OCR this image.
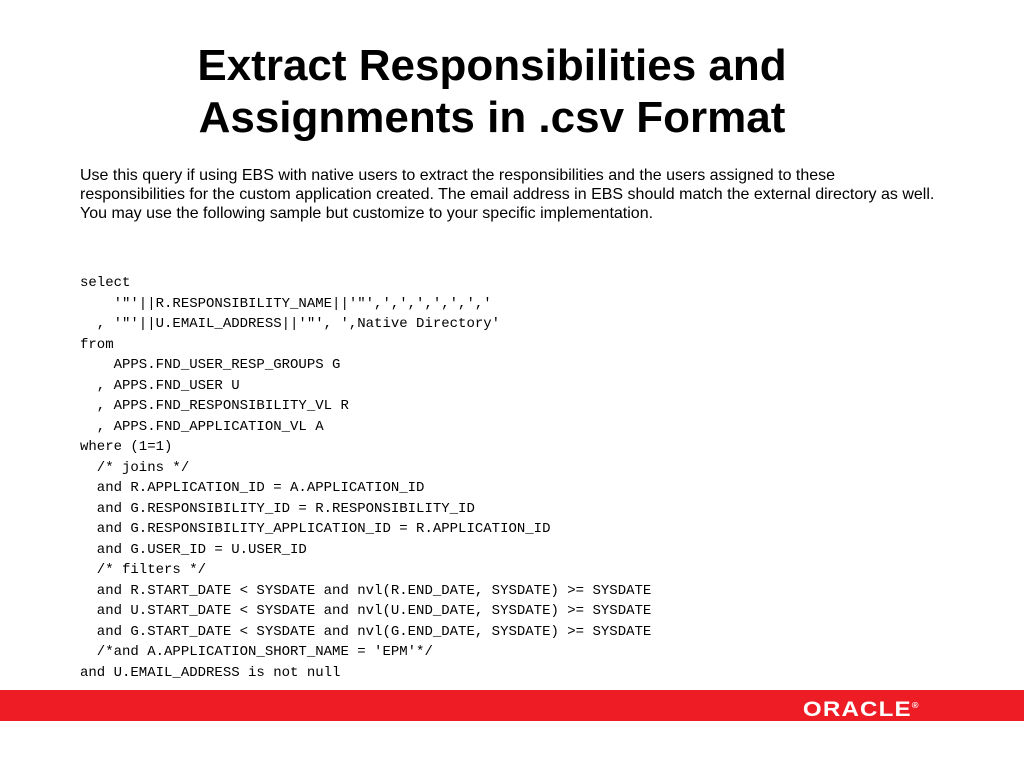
Extract Responsibilities and
Assignments in .csv Format

Use this query if using EBS with native users to extract the responsibilities and the users assigned to these responsibilities for the custom application created. The email address in EBS should match the external directory as well. You may use the following sample but customize to your specific implementation.

select
'"'||R.RESPONSIBILITY_NAME||'"',',',',',',','
, '"'||U.EMAIL_ADDRESS||'"', ',Native Directory'
from
APPS.FND_USER_RESP_GROUPS G
, APPS.FND_USER U
, APPS.FND_RESPONSIBILITY_VL R
, APPS.FND_APPLICATION_VL A
where (1=1)
/* joins */
and R.APPLICATION_ID = A.APPLICATION_ID
and G.RESPONSIBILITY_ID = R.RESPONSIBILITY_ID
and G.RESPONSIBILITY_APPLICATION_ID = R.APPLICATION_ID
and G.USER_ID = U.USER_ID
/* filters */
and R.START_DATE < SYSDATE and nvl(R.END_DATE, SYSDATE) >= SYSDATE
and U.START_DATE < SYSDATE and nvl(U.END_DATE, SYSDATE) >= SYSDATE
and G.START_DATE < SYSDATE and nvl(G.END_DATE, SYSDATE) >= SYSDATE
/*and A.APPLICATION_SHORT_NAME = 'EPM'*/
and U.EMAIL_ADDRESS is not null
ORACLE®
